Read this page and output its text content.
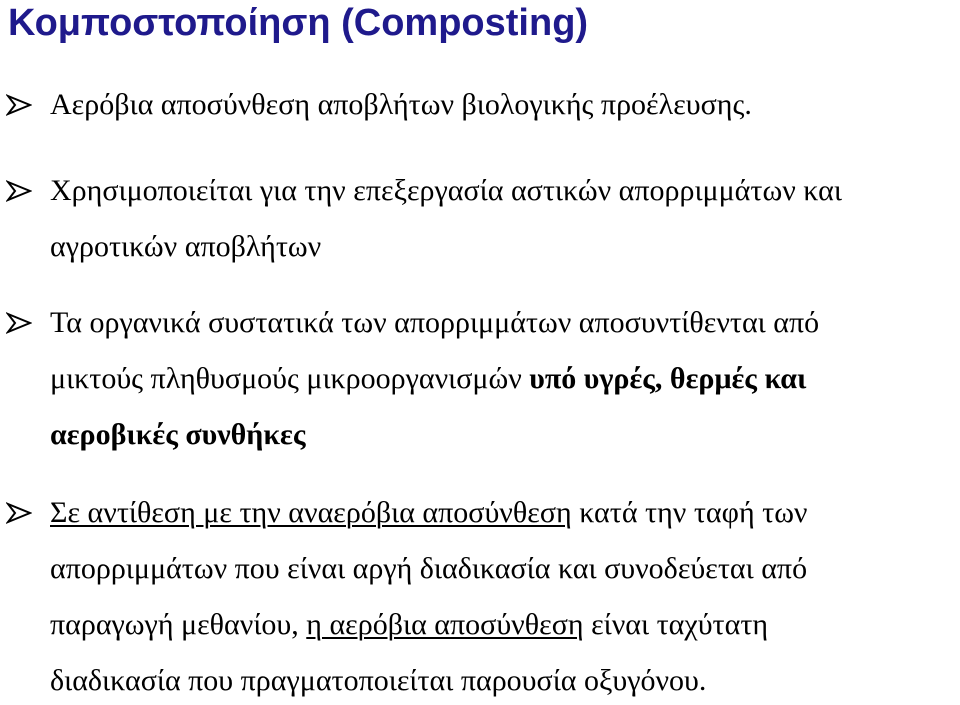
Κομποστοποίηση (Composting)

Αερόβια αποσύνθεση αποβλήτων βιολογικής προέλευσης.

Χρησιμοποιείται για την επεξεργασία αστικών απορριμμάτων και

αγροτικών αποβλήτων

Τα οργανικά συστατικά των απορριμμάτων αποσυντίθενται από

μικτούς πληθυσμούς μικροοργανισμών υπό υγρές, θερμές και

αεροβικές συνθήκες

Σε αντίθεση με την αναερόβια αποσύνθεση κατά την ταφή των

απορριμμάτων που είναι αργή διαδικασία και συνοδεύεται από

παραγωγή μεθανίου, η αερόβια αποσύνθεση είναι ταχύτατη

διαδικασία που πραγματοποιείται παρουσία οξυγόνου.
